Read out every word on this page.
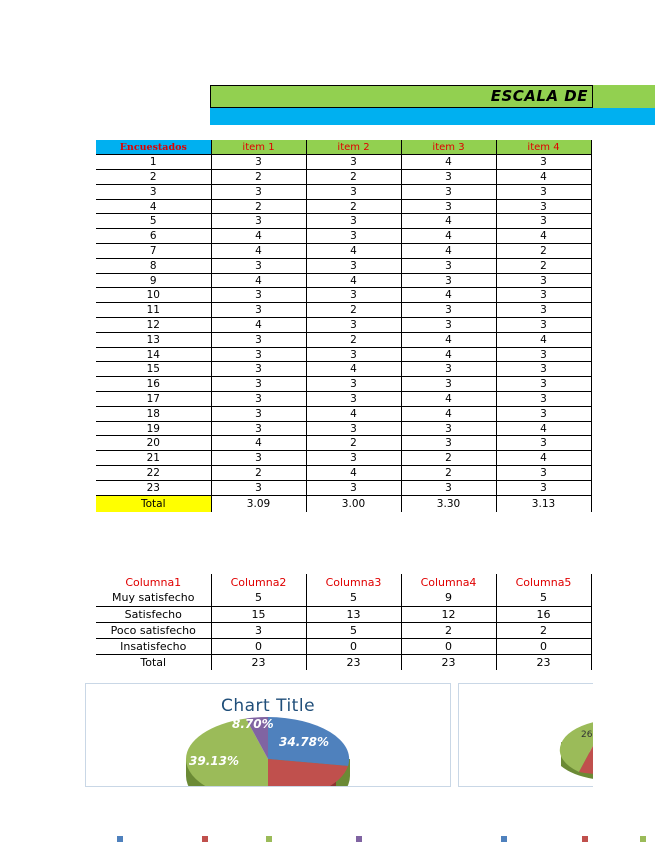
ESCALA DE
Encuestados	item 1	item 2	item 3	item 4
1	3	3	4	3
2	2	2	3	4
3	3	3	3	3
4	2	2	3	3
5	3	3	4	3
6	4	3	4	4
7	4	4	4	2
8	3	3	3	2
9	4	4	3	3
10	3	3	4	3
11	3	2	3	3
12	4	3	3	3
13	3	2	4	4
14	3	3	4	3
15	3	4	3	3
16	3	3	3	3
17	3	3	4	3
18	3	4	4	3
19	3	3	3	4
20	4	2	3	3
21	3	3	2	4
22	2	4	2	3
23	3	3	3	3
Total	3.09	3.00	3.30	3.13
Columna1	Columna2	Columna3	Columna4	Columna5
Muy satisfecho	5	5	9	5
Satisfecho	15	13	12	16
Poco satisfecho	3	5	2	2
Insatisfecho	0	0	0	0
Total	23	23	23	23
Chart Title
8.70%
34.78%
39.13%
26
